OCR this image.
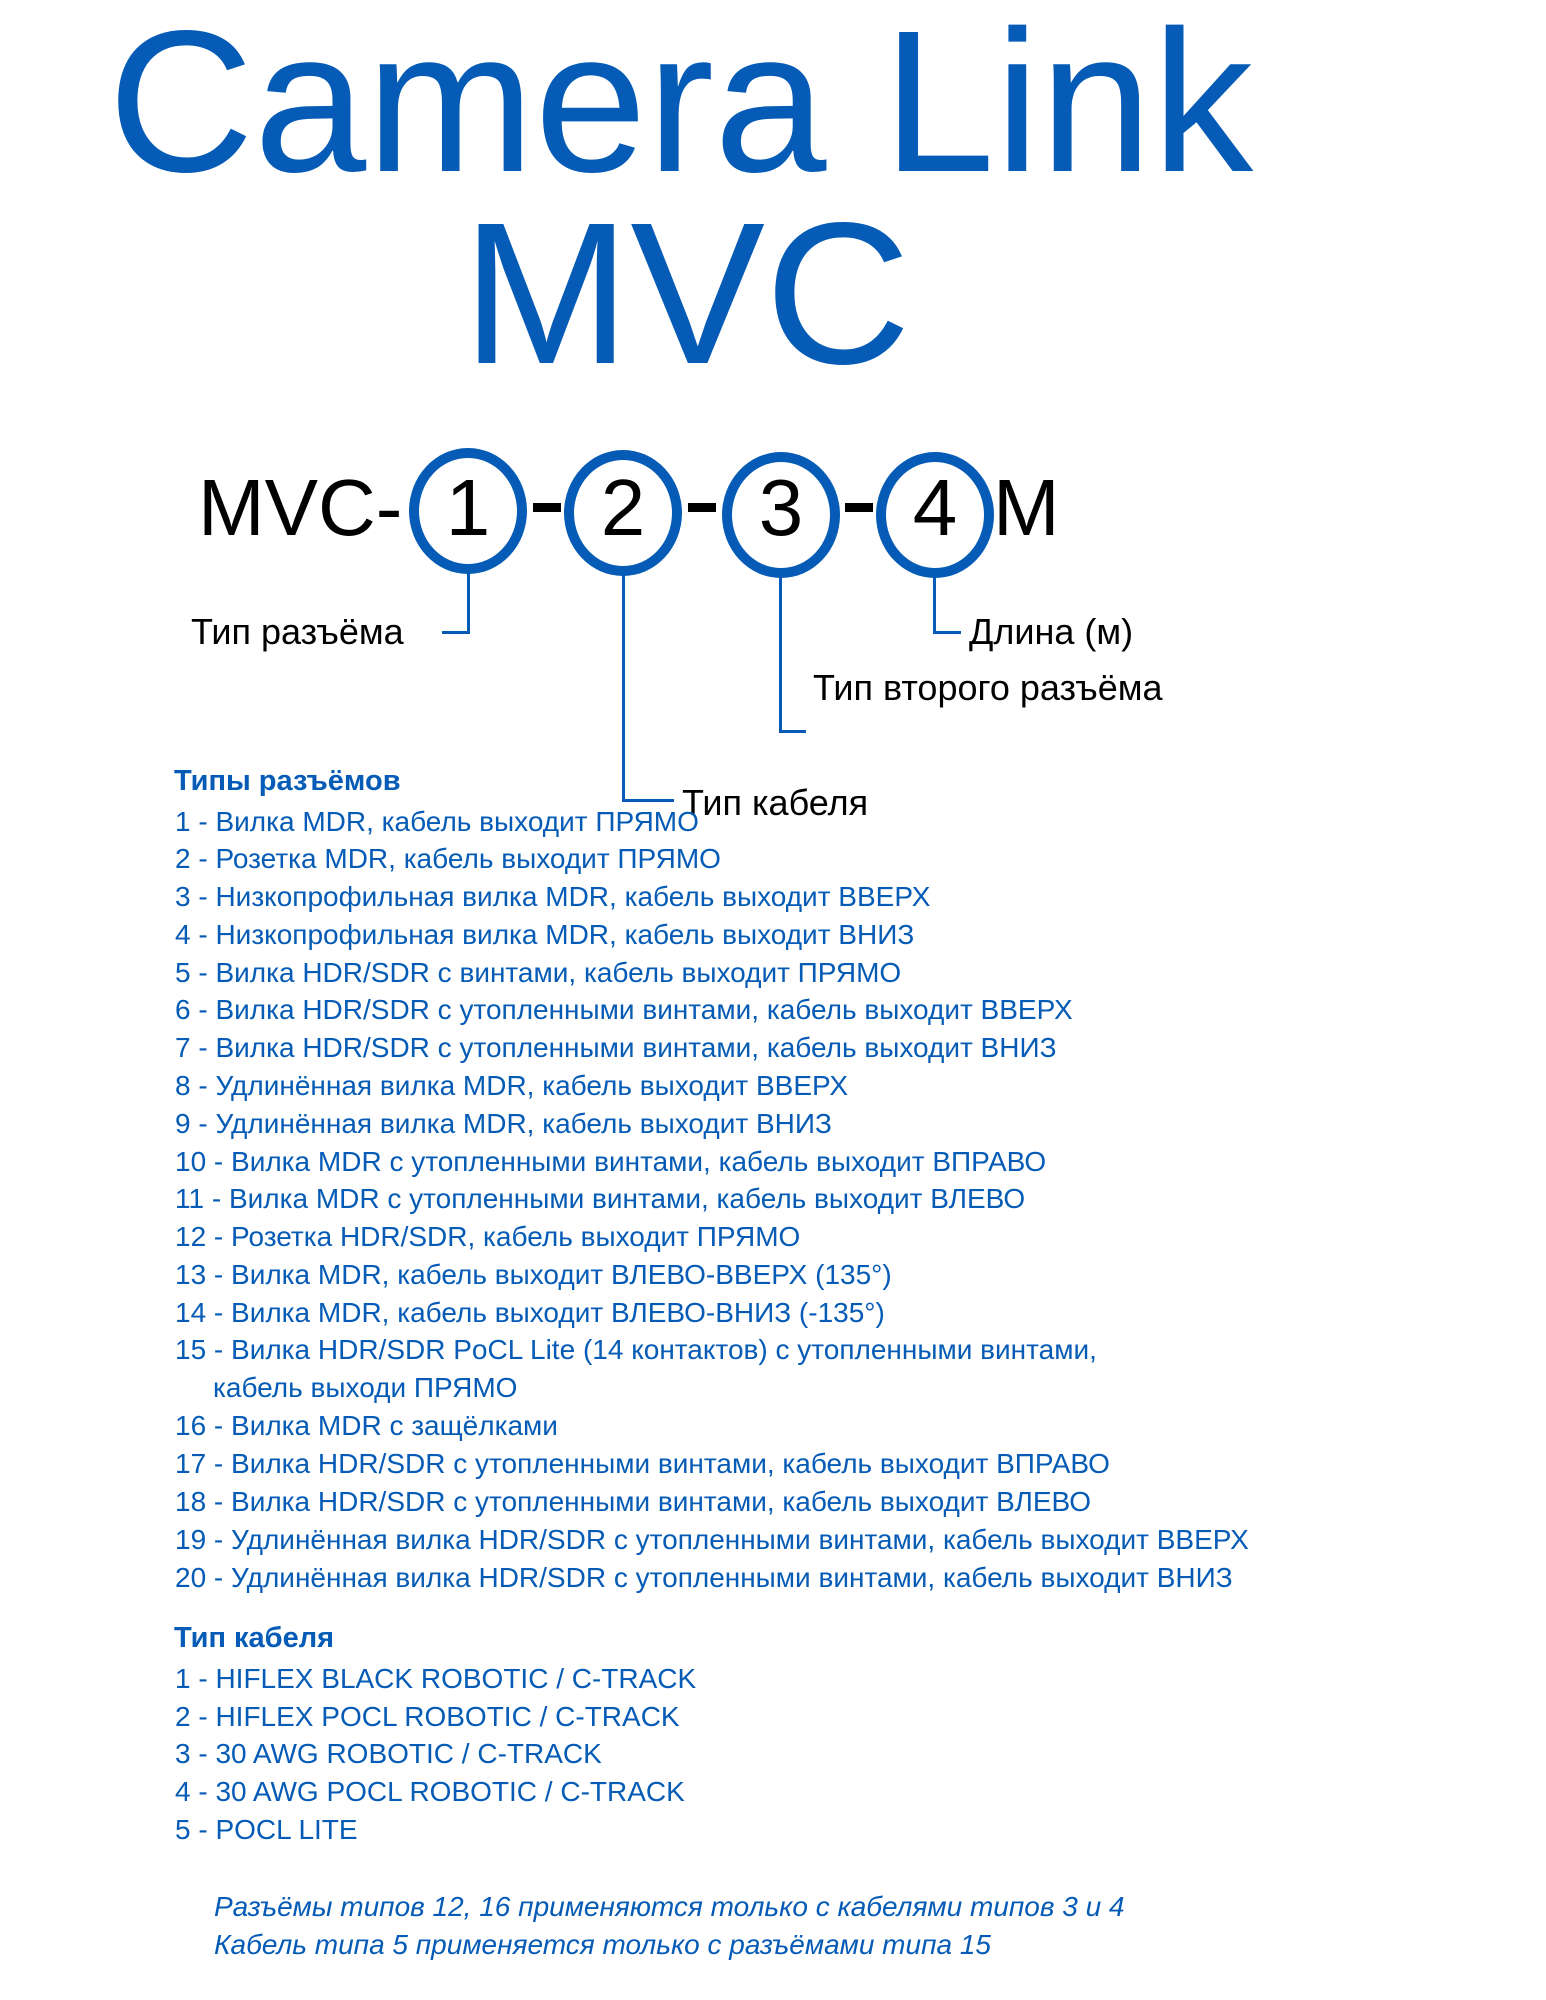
Camera Link
MVC
MVC- 1	2	3	4 M
Тип разъёма
Тип кабеля
Тип второго разъёма
Длина (м)
Типы разъёмов
1 - Вилка MDR, кабель выходит ПРЯМО
2 - Розетка MDR, кабель выходит ПРЯМО
3 - Низкопрофильная вилка MDR, кабель выходит ВВЕРХ
4 - Низкопрофильная вилка MDR, кабель выходит ВНИЗ
5 - Вилка HDR/SDR с винтами, кабель выходит ПРЯМО
6 - Вилка HDR/SDR с утопленными винтами, кабель выходит ВВЕРХ
7 - Вилка HDR/SDR с утопленными винтами, кабель выходит ВНИЗ
8 - Удлинённая вилка MDR, кабель выходит ВВЕРХ
9 - Удлинённая вилка MDR, кабель выходит ВНИЗ
10 - Вилка MDR с утопленными винтами, кабель выходит ВПРАВО
11 - Вилка MDR с утопленными винтами, кабель выходит ВЛЕВО
12 - Розетка HDR/SDR, кабель выходит ПРЯМО
13 - Вилка MDR, кабель выходит ВЛЕВО-ВВЕРХ (135°)
14 - Вилка MDR, кабель выходит ВЛЕВО-ВНИЗ (-135°)
15 - Вилка HDR/SDR PoCL Lite (14 контактов) с утопленными винтами,
кабель выходи ПРЯМО
16 - Вилка MDR с защёлками
17 - Вилка HDR/SDR с утопленными винтами, кабель выходит ВПРАВО
18 - Вилка HDR/SDR с утопленными винтами, кабель выходит ВЛЕВО
19 - Удлинённая вилка HDR/SDR с утопленными винтами, кабель выходит ВВЕРХ
20 - Удлинённая вилка HDR/SDR с утопленными винтами, кабель выходит ВНИЗ
Тип кабеля
1 - HIFLEX BLACK ROBOTIC / C-TRACK
2 - HIFLEX POCL ROBOTIC / C-TRACK
3 - 30 AWG ROBOTIC / C-TRACK
4 - 30 AWG POCL ROBOTIC / C-TRACK
5 - POCL LITE
Разъёмы типов 12, 16 применяются только с кабелями типов 3 и 4
Кабель типа 5 применяется только с разъёмами типа 15
